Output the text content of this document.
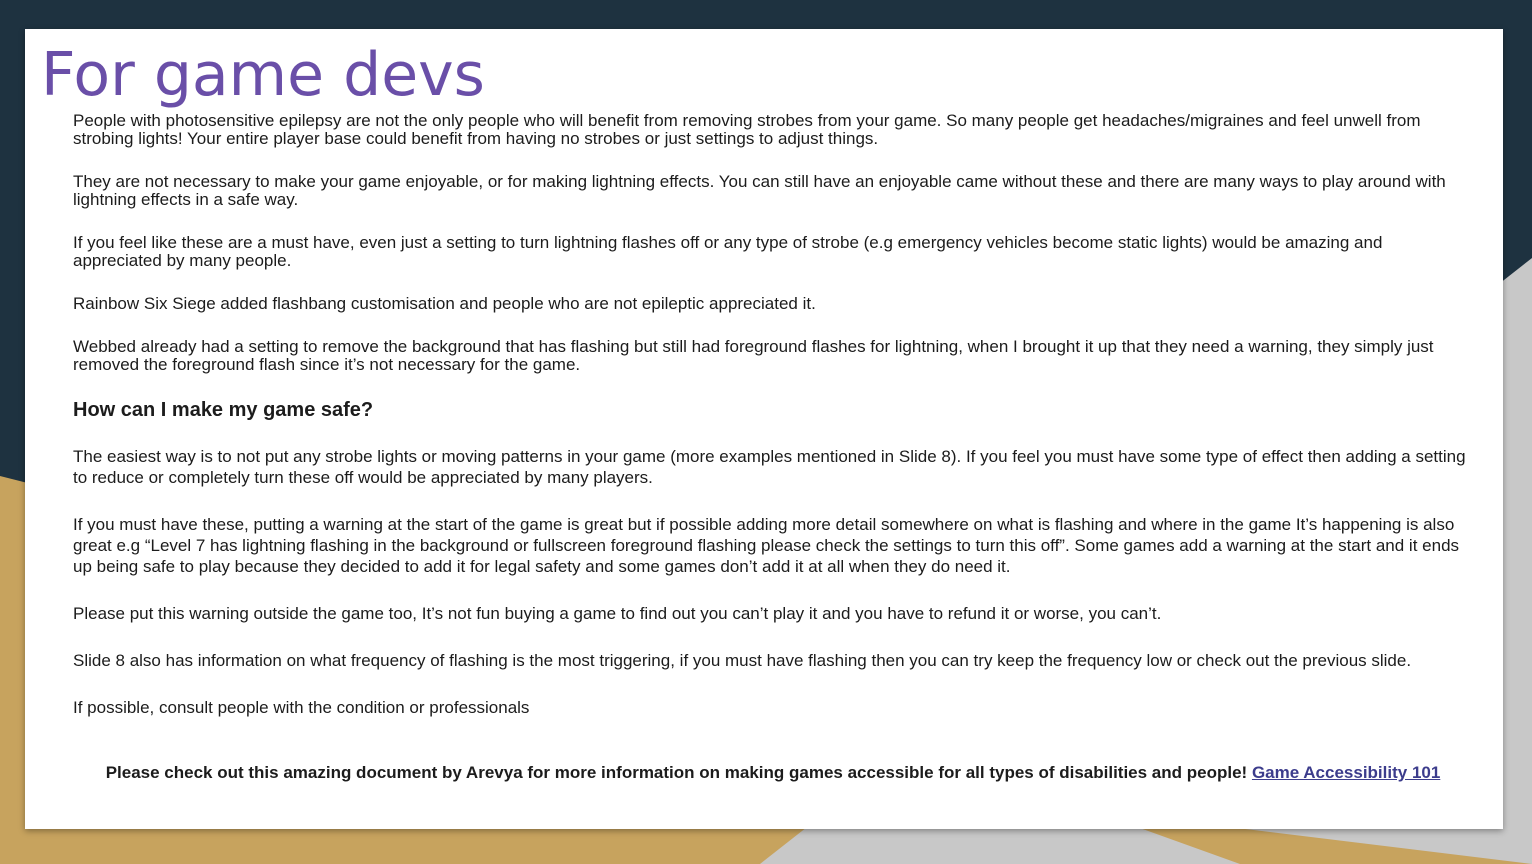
For game devs

People with photosensitive epilepsy are not the only people who will benefit from removing strobes from your game. So many people get headaches/migraines and feel unwell from strobing lights! Your entire player base could benefit from having no strobes or just settings to adjust things.

They are not necessary to make your game enjoyable, or for making lightning effects. You can still have an enjoyable came without these and there are many ways to play around with lightning effects in a safe way.

If you feel like these are a must have, even just a setting to turn lightning flashes off or any type of strobe (e.g emergency vehicles become static lights) would be amazing and appreciated by many people.

Rainbow Six Siege added flashbang customisation and people who are not epileptic appreciated it.

Webbed already had a setting to remove the background that has flashing but still had foreground flashes for lightning, when I brought it up that they need a warning, they simply just removed the foreground flash since it’s not necessary for the game.

How can I make my game safe?

The easiest way is to not put any strobe lights or moving patterns in your game (more examples mentioned in Slide 8). If you feel you must have some type of effect then adding a setting to reduce or completely turn these off would be appreciated by many players.

If you must have these, putting a warning at the start of the game is great but if possible adding more detail somewhere on what is flashing and where in the game It’s happening is also great e.g “Level 7 has lightning flashing in the background or fullscreen foreground flashing please check the settings to turn this off”. Some games add a warning at the start and it ends up being safe to play because they decided to add it for legal safety and some games don’t add it at all when they do need it.

Please put this warning outside the game too, It’s not fun buying a game to find out you can’t play it and you have to refund it or worse, you can’t.

Slide 8 also has information on what frequency of flashing is the most triggering, if you must have flashing then you can try keep the frequency low or check out the previous slide.

If possible, consult people with the condition or professionals

Please check out this amazing document by Arevya for more information on making games accessible for all types of disabilities and people! Game Accessibility 101
